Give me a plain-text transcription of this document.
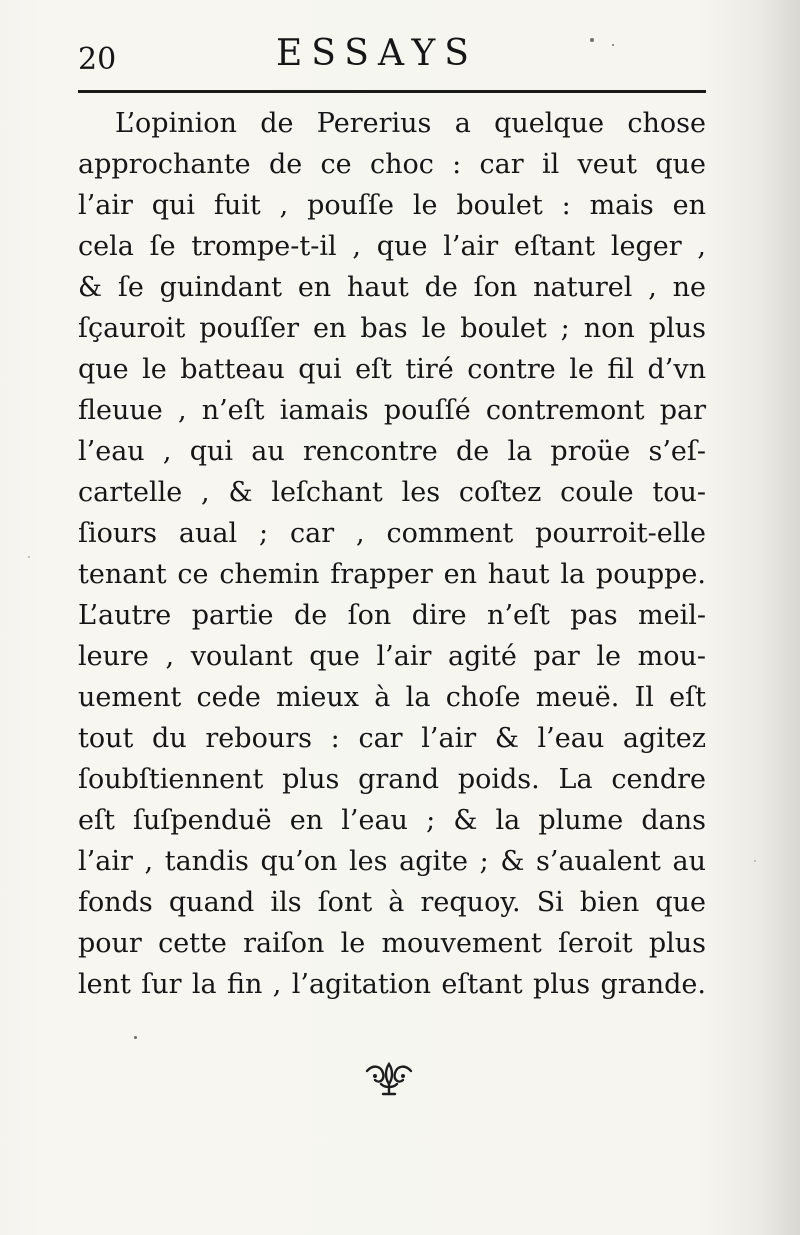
20	ESSAYS
L’opinion de Pererius a quelque chose
approchante de ce choc : car il veut que
l’air qui fuit , pouſſe le boulet : mais en
cela ſe trompe-t-il , que l’air eſtant leger ,
& ſe guindant en haut de ſon naturel , ne
ſçauroit pouſſer en bas le boulet ; non plus
que le batteau qui eſt tiré contre le fil d’vn
fleuue , n’eſt iamais pouſſé contremont par
l’eau , qui au rencontre de la proüe s’eſ-
cartelle , & leſchant les coſtez coule tou-
ſiours aual ; car , comment pourroit-elle
tenant ce chemin frapper en haut la pouppe.
L’autre partie de ſon dire n’eſt pas meil-
leure , voulant que l’air agité par le mou-
uement cede mieux à la choſe meuë. Il eſt
tout du rebours : car l’air & l’eau agitez
ſoubſtiennent plus grand poids. La cendre
eſt ſuſpenduë en l’eau ; & la plume dans
l’air , tandis qu’on les agite ; & s’aualent au
fonds quand ils ſont à requoy. Si bien que
pour cette raiſon le mouvement ſeroit plus
lent ſur la fin , l’agitation eſtant plus grande.
